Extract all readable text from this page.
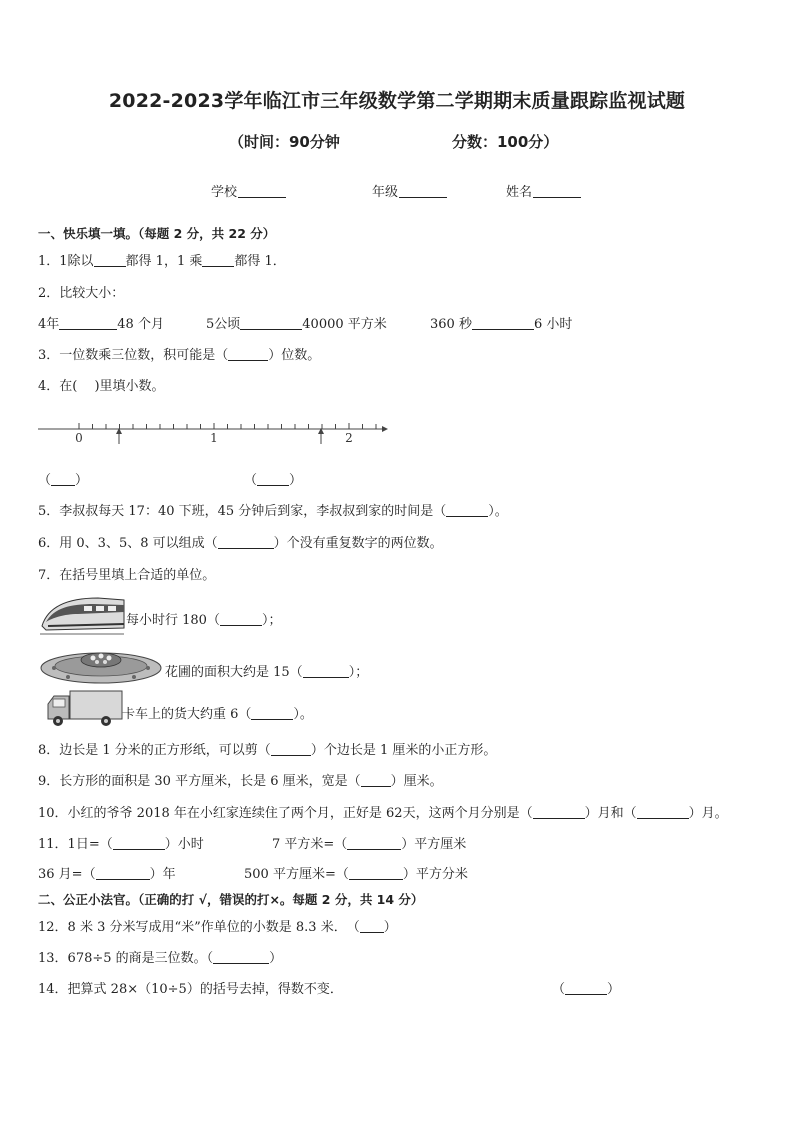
2022-2023学年临江市三年级数学第二学期期末质量跟踪监视试题
（时间：90分钟	分数：100分）
学校	年级	姓名
一、快乐填一填。（每题 2 分，共 22 分）
1．1除以 都得 1，1 乘 都得 1．
2．比较大小：
4年	48 个月	5公顷	40000 平方米	360 秒	6 小时
3．一位数乘三位数，积可能是（	）位数。
4．在(　 )里填小数。
0	1	2
（ ）	（ ）
5．李叔叔每天 17：40 下班，45 分钟后到家，李叔叔到家的时间是（	）。
6．用 0、3、5、8 可以组成（	）个没有重复数字的两位数。
7．在括号里填上合适的单位。
每小时行 180（	）；
花圃的面积大约是 15（	）；
卡车上的货大约重 6（	）。
8．边长是 1 分米的正方形纸，可以剪（	）个边长是 1 厘米的小正方形。
9．长方形的面积是 30 平方厘米，长是 6 厘米，宽是（ ）厘米。
10．小红的爷爷 2018 年在小红家连续住了两个月，正好是 62天，这两个月分别是（	）月和（	）月。
11．1日=（	）小时	7 平方米=（	）平方厘米
36 月=（	）年	500 平方厘米=（	）平方分米
二、公正小法官。（正确的打 √，错误的打×。每题 2 分，共 14 分）
12．8 米 3 分米写成用“米”作单位的小数是 8.3 米．　（ ）
13．678÷5 的商是三位数。（	）
14．把算式 28×（10÷5）的括号去掉，得数不变．	（	）
